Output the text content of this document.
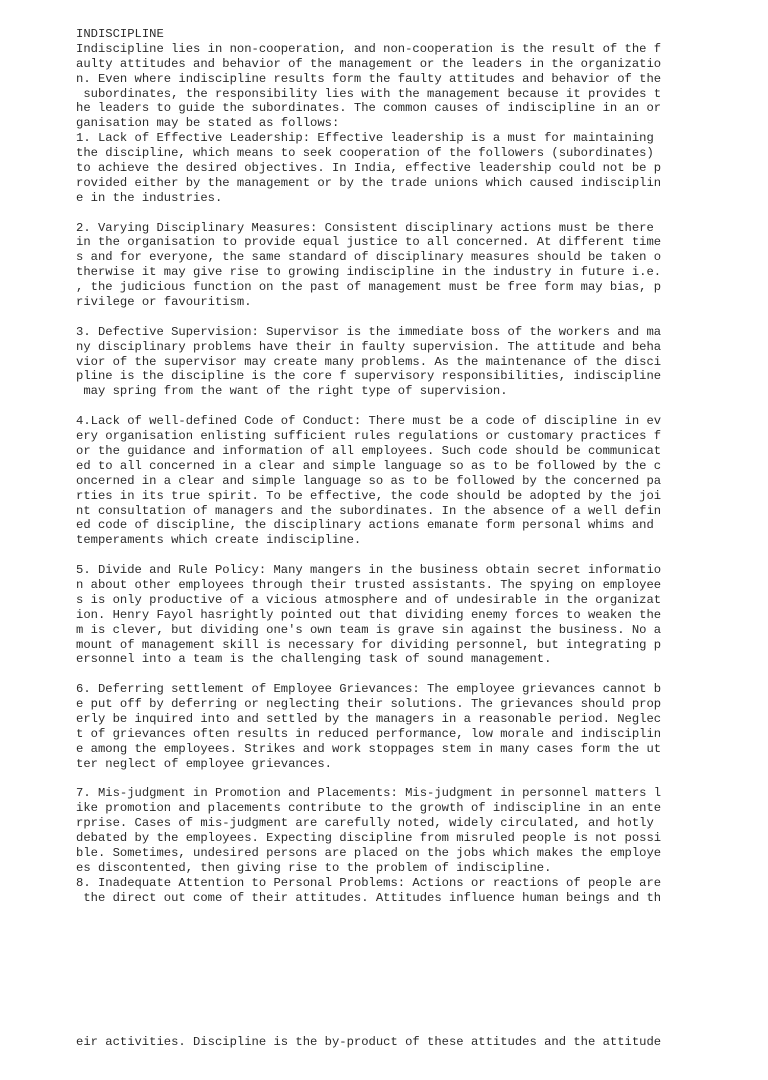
INDISCIPLINE
Indiscipline lies in non-cooperation, and non-cooperation is the result of the f
aulty attitudes and behavior of the management or the leaders in the organizatio
n. Even where indiscipline results form the faulty attitudes and behavior of the
subordinates, the responsibility lies with the management because it provides t
he leaders to guide the subordinates. The common causes of indiscipline in an or
ganisation may be stated as follows:
1. Lack of Effective Leadership: Effective leadership is a must for maintaining
the discipline, which means to seek cooperation of the followers (subordinates)
to achieve the desired objectives. In India, effective leadership could not be p
rovided either by the management or by the trade unions which caused indisciplin
e in the industries.
2. Varying Disciplinary Measures: Consistent disciplinary actions must be there
in the organisation to provide equal justice to all concerned. At different time
s and for everyone, the same standard of disciplinary measures should be taken o
therwise it may give rise to growing indiscipline in the industry in future i.e.
, the judicious function on the past of management must be free form may bias, p
rivilege or favouritism.
3. Defective Supervision: Supervisor is the immediate boss of the workers and ma
ny disciplinary problems have their in faulty supervision. The attitude and beha
vior of the supervisor may create many problems. As the maintenance of the disci
pline is the discipline is the core f supervisory responsibilities, indiscipline
may spring from the want of the right type of supervision.
4.Lack of well-defined Code of Conduct: There must be a code of discipline in ev
ery organisation enlisting sufficient rules regulations or customary practices f
or the guidance and information of all employees. Such code should be communicat
ed to all concerned in a clear and simple language so as to be followed by the c
oncerned in a clear and simple language so as to be followed by the concerned pa
rties in its true spirit. To be effective, the code should be adopted by the joi
nt consultation of managers and the subordinates. In the absence of a well defin
ed code of discipline, the disciplinary actions emanate form personal whims and
temperaments which create indiscipline.
5. Divide and Rule Policy: Many mangers in the business obtain secret informatio
n about other employees through their trusted assistants. The spying on employee
s is only productive of a vicious atmosphere and of undesirable in the organizat
ion. Henry Fayol hasrightly pointed out that dividing enemy forces to weaken the
m is clever, but dividing one's own team is grave sin against the business. No a
mount of management skill is necessary for dividing personnel, but integrating p
ersonnel into a team is the challenging task of sound management.
6. Deferring settlement of Employee Grievances: The employee grievances cannot b
e put off by deferring or neglecting their solutions. The grievances should prop
erly be inquired into and settled by the managers in a reasonable period. Neglec
t of grievances often results in reduced performance, low morale and indisciplin
e among the employees. Strikes and work stoppages stem in many cases form the ut
ter neglect of employee grievances.
7. Mis-judgment in Promotion and Placements: Mis-judgment in personnel matters l
ike promotion and placements contribute to the growth of indiscipline in an ente
rprise. Cases of mis-judgment are carefully noted, widely circulated, and hotly
debated by the employees. Expecting discipline from misruled people is not possi
ble. Sometimes, undesired persons are placed on the jobs which makes the employe
es discontented, then giving rise to the problem of indiscipline.
8. Inadequate Attention to Personal Problems: Actions or reactions of people are
the direct out come of their attitudes. Attitudes influence human beings and th

eir activities. Discipline is the by-product of these attitudes and the attitude
